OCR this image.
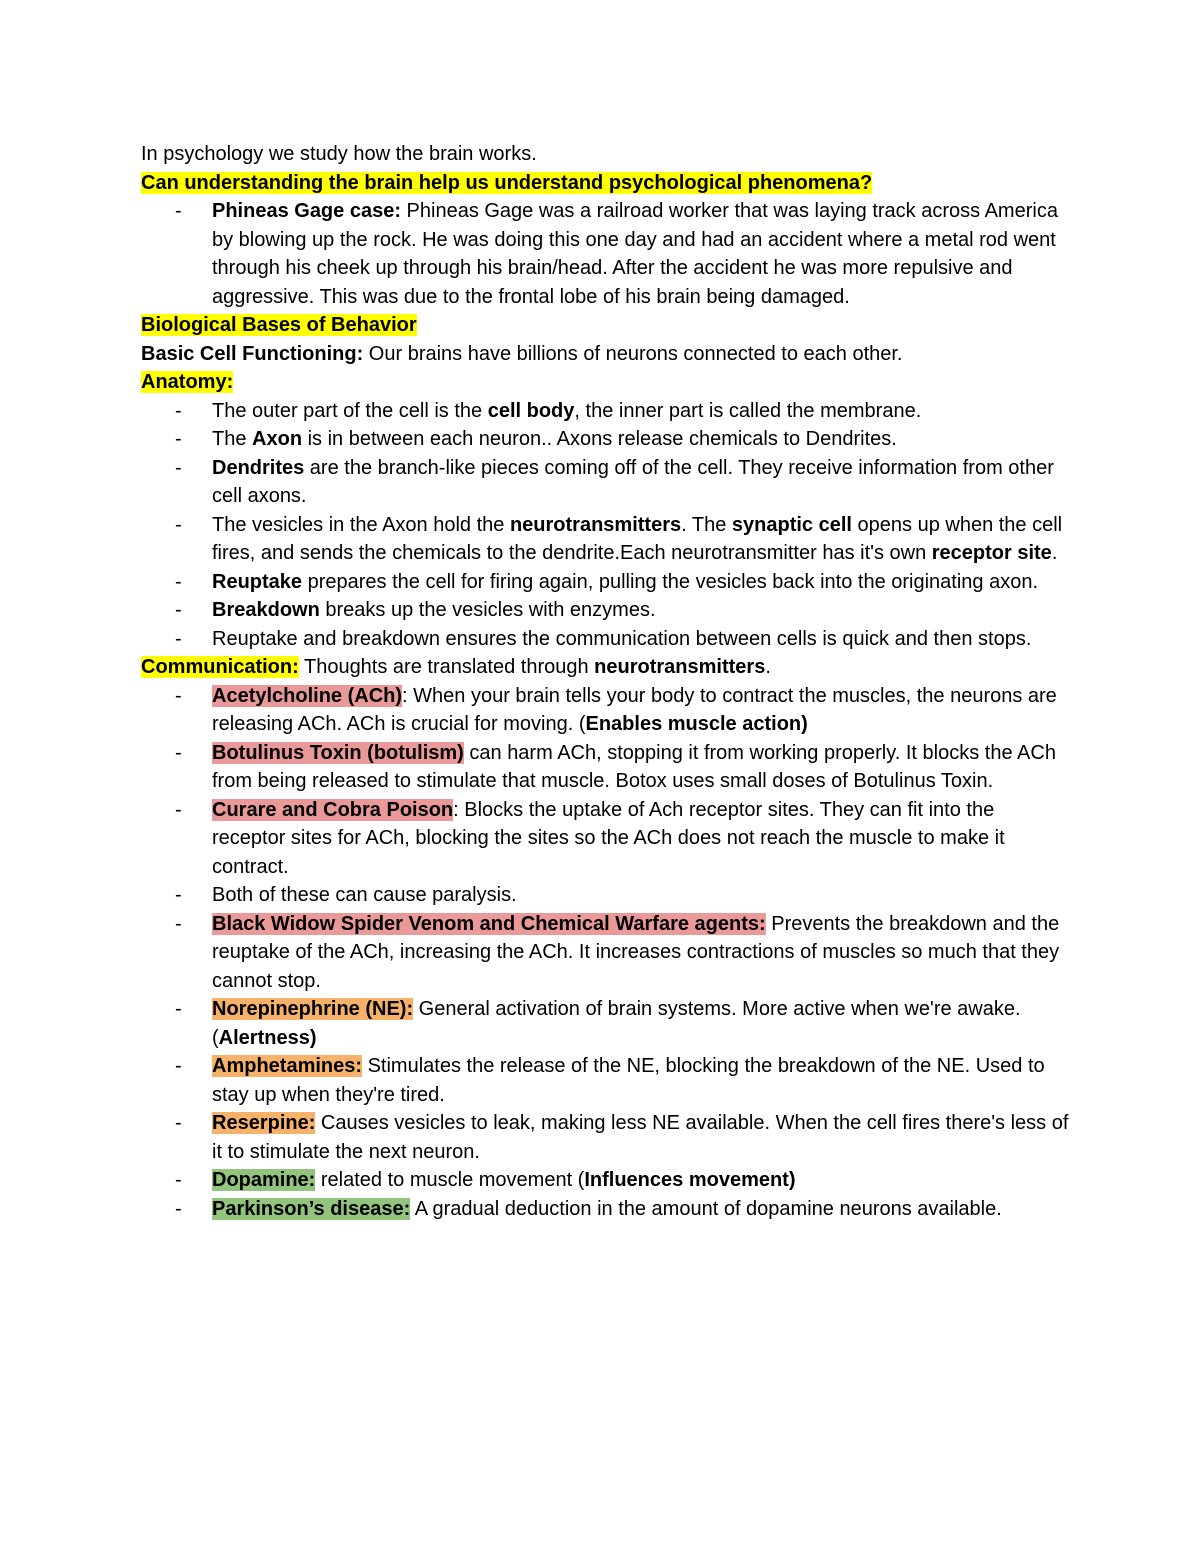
In psychology we study how the brain works.

Can understanding the brain help us understand psychological phenomena?

- Phineas Gage case: Phineas Gage was a railroad worker that was laying track across America by blowing up the rock. He was doing this one day and had an accident where a metal rod went through his cheek up through his brain/head. After the accident he was more repulsive and aggressive. This was due to the frontal lobe of his brain being damaged.

Biological Bases of Behavior

Basic Cell Functioning: Our brains have billions of neurons connected to each other.

Anatomy:

- The outer part of the cell is the cell body, the inner part is called the membrane.
- The Axon is in between each neuron.. Axons release chemicals to Dendrites.
- Dendrites are the branch-like pieces coming off of the cell. They receive information from other cell axons.
- The vesicles in the Axon hold the neurotransmitters. The synaptic cell opens up when the cell fires, and sends the chemicals to the dendrite.Each neurotransmitter has it's own receptor site.
- Reuptake prepares the cell for firing again, pulling the vesicles back into the originating axon.
- Breakdown breaks up the vesicles with enzymes.
- Reuptake and breakdown ensures the communication between cells is quick and then stops.

Communication: Thoughts are translated through neurotransmitters.

- Acetylcholine (ACh): When your brain tells your body to contract the muscles, the neurons are releasing ACh. ACh is crucial for moving. (Enables muscle action)
- Botulinus Toxin (botulism) can harm ACh, stopping it from working properly. It blocks the ACh from being released to stimulate that muscle. Botox uses small doses of Botulinus Toxin.
- Curare and Cobra Poison: Blocks the uptake of Ach receptor sites. They can fit into the receptor sites for ACh, blocking the sites so the ACh does not reach the muscle to make it contract.
- Both of these can cause paralysis.
- Black Widow Spider Venom and Chemical Warfare agents: Prevents the breakdown and the reuptake of the ACh, increasing the ACh. It increases contractions of muscles so much that they cannot stop.
- Norepinephrine (NE): General activation of brain systems. More active when we're awake. (Alertness)
- Amphetamines: Stimulates the release of the NE, blocking the breakdown of the NE. Used to stay up when they're tired.
- Reserpine: Causes vesicles to leak, making less NE available. When the cell fires there's less of it to stimulate the next neuron.
- Dopamine: related to muscle movement (Influences movement)
- Parkinson’s disease: A gradual deduction in the amount of dopamine neurons available.
